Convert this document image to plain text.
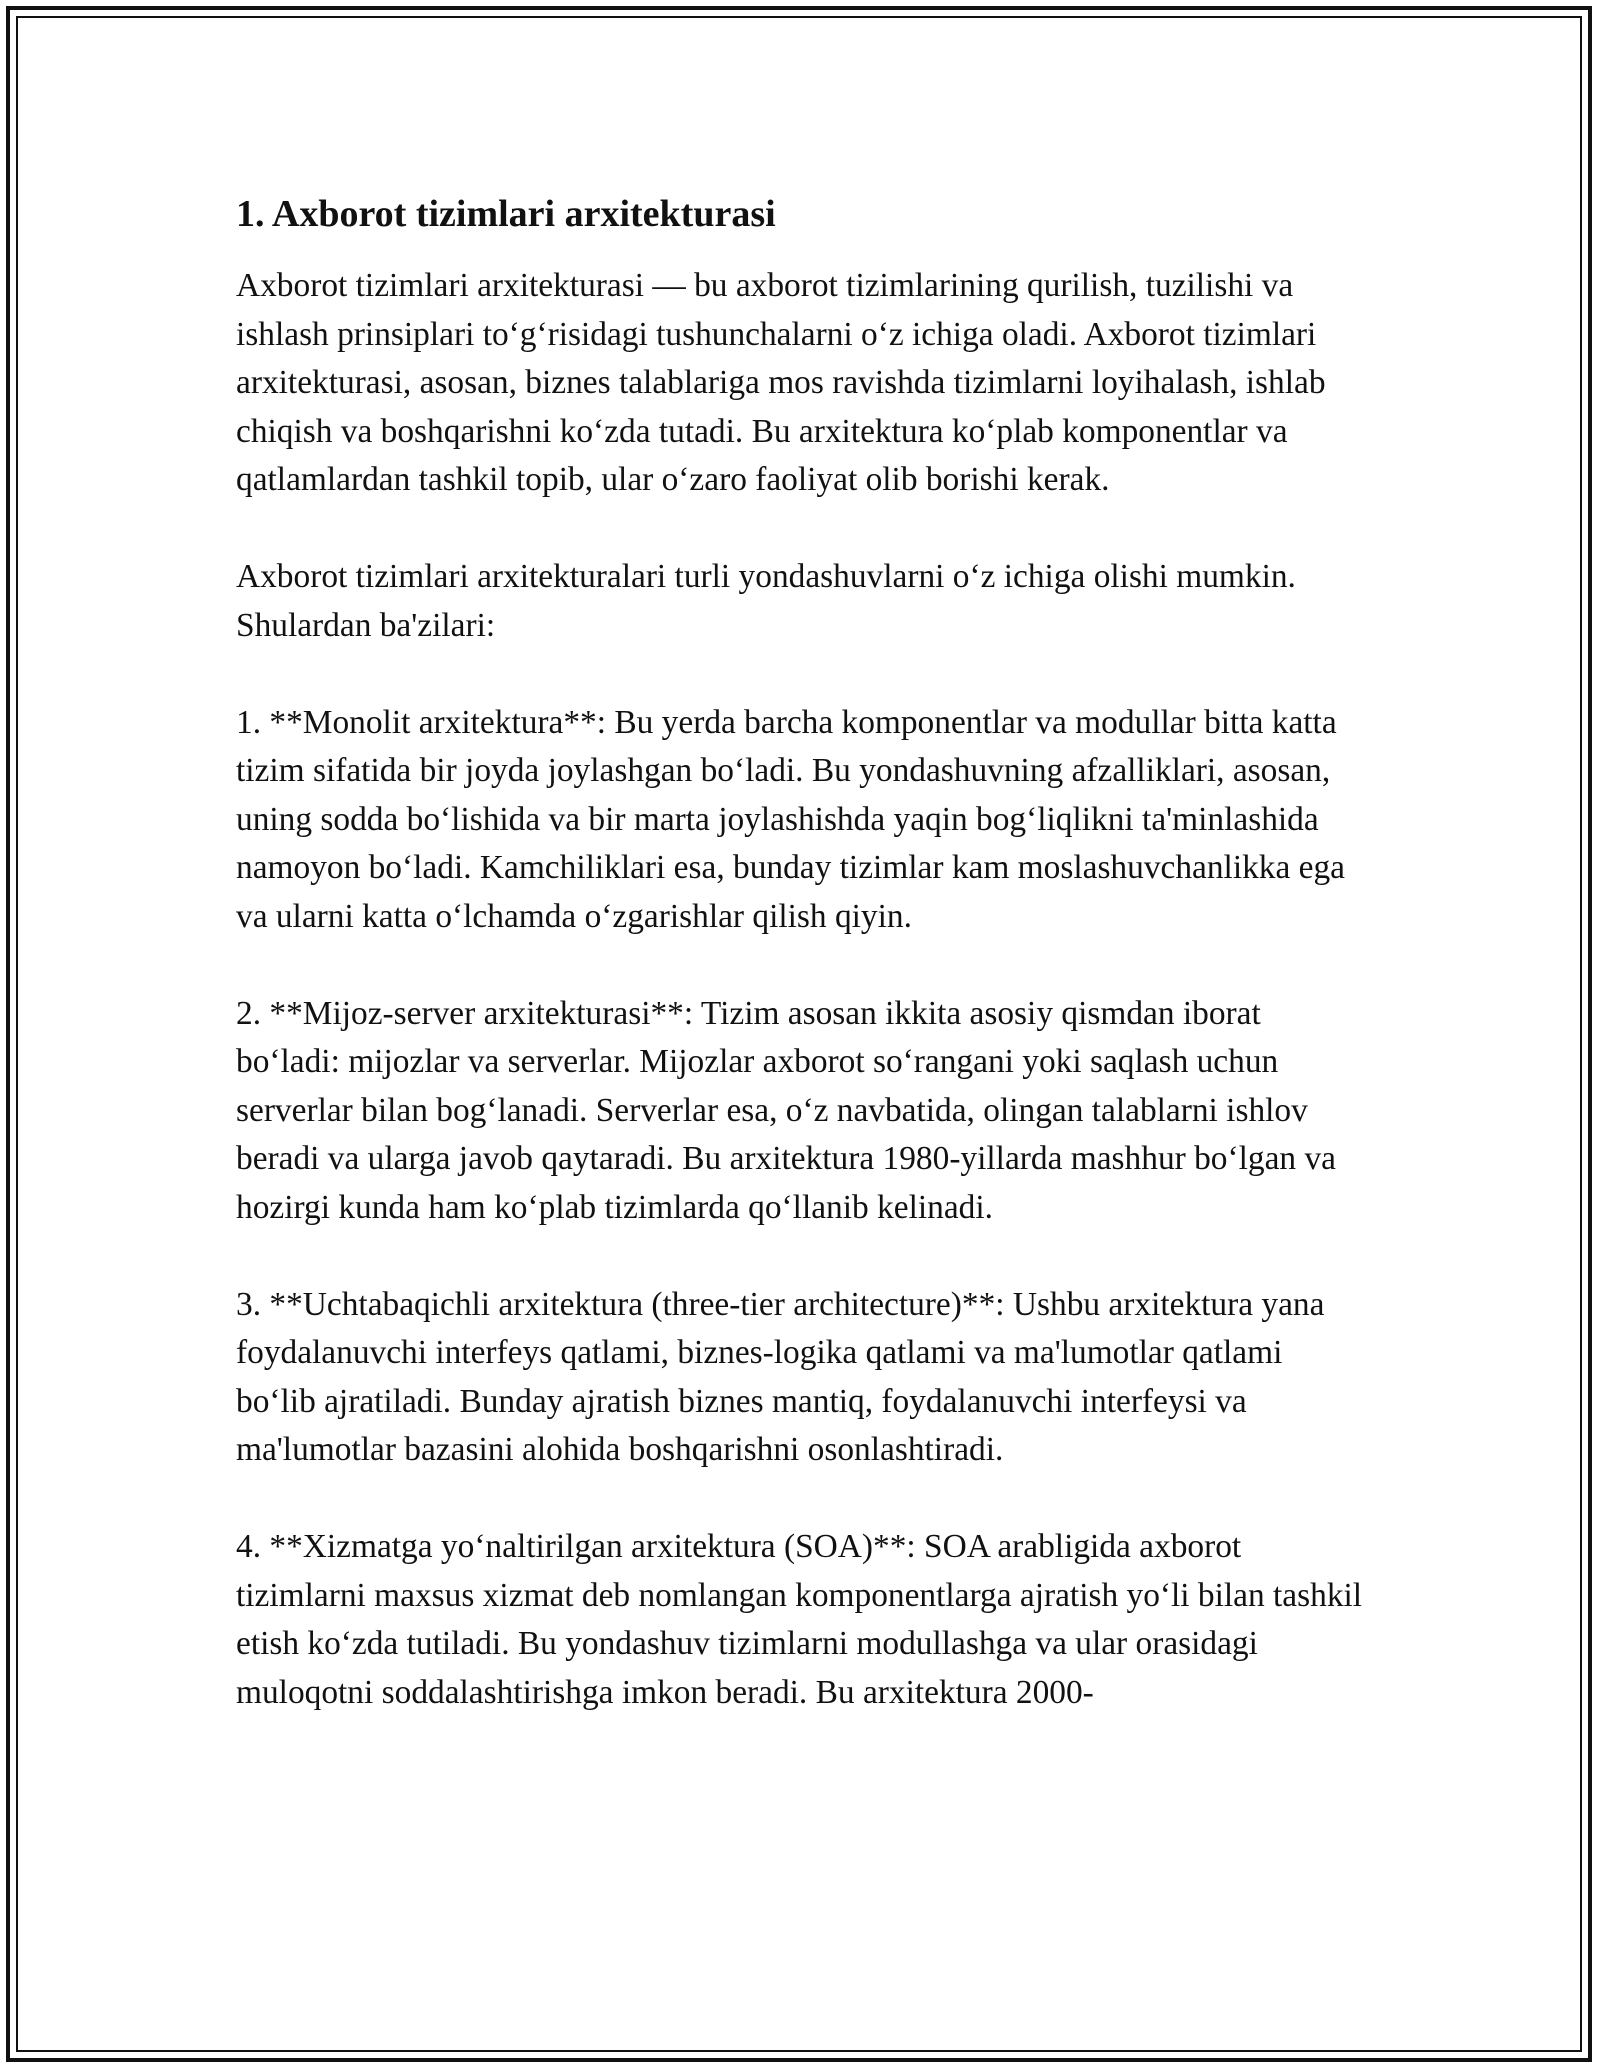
1. Axborot tizimlari arxitekturasi

Axborot tizimlari arxitekturasi — bu axborot tizimlarining qurilish, tuzilishi va ishlash prinsiplari to‘g‘risidagi tushunchalarni o‘z ichiga oladi. Axborot tizimlari arxitekturasi, asosan, biznes talablariga mos ravishda tizimlarni loyihalash, ishlab chiqish va boshqarishni ko‘zda tutadi. Bu arxitektura ko‘plab komponentlar va qatlamlardan tashkil topib, ular o‘zaro faoliyat olib borishi kerak.

Axborot tizimlari arxitekturalari turli yondashuvlarni o‘z ichiga olishi mumkin. Shulardan ba'zilari:

1. **Monolit arxitektura**: Bu yerda barcha komponentlar va modullar bitta katta tizim sifatida bir joyda joylashgan bo‘ladi. Bu yondashuvning afzalliklari, asosan, uning sodda bo‘lishida va bir marta joylashishda yaqin bog‘liqlikni ta'minlashida namoyon bo‘ladi. Kamchiliklari esa, bunday tizimlar kam moslashuvchanlikka ega va ularni katta o‘lchamda o‘zgarishlar qilish qiyin.

2. **Mijoz-server arxitekturasi**: Tizim asosan ikkita asosiy qismdan iborat bo‘ladi: mijozlar va serverlar. Mijozlar axborot so‘rangani yoki saqlash uchun serverlar bilan bog‘lanadi. Serverlar esa, o‘z navbatida, olingan talablarni ishlov beradi va ularga javob qaytaradi. Bu arxitektura 1980-yillarda mashhur bo‘lgan va hozirgi kunda ham ko‘plab tizimlarda qo‘llanib kelinadi.

3. **Uchtabaqichli arxitektura (three-tier architecture)**: Ushbu arxitektura yana foydalanuvchi interfeys qatlami, biznes-logika qatlami va ma'lumotlar qatlami bo‘lib ajratiladi. Bunday ajratish biznes mantiq, foydalanuvchi interfeysi va ma'lumotlar bazasini alohida boshqarishni osonlashtiradi.

4. **Xizmatga yo‘naltirilgan arxitektura (SOA)**: SOA arabligida axborot tizimlarni maxsus xizmat deb nomlangan komponentlarga ajratish yo‘li bilan tashkil etish ko‘zda tutiladi. Bu yondashuv tizimlarni modullashga va ular orasidagi muloqotni soddalashtirishga imkon beradi. Bu arxitektura 2000-
